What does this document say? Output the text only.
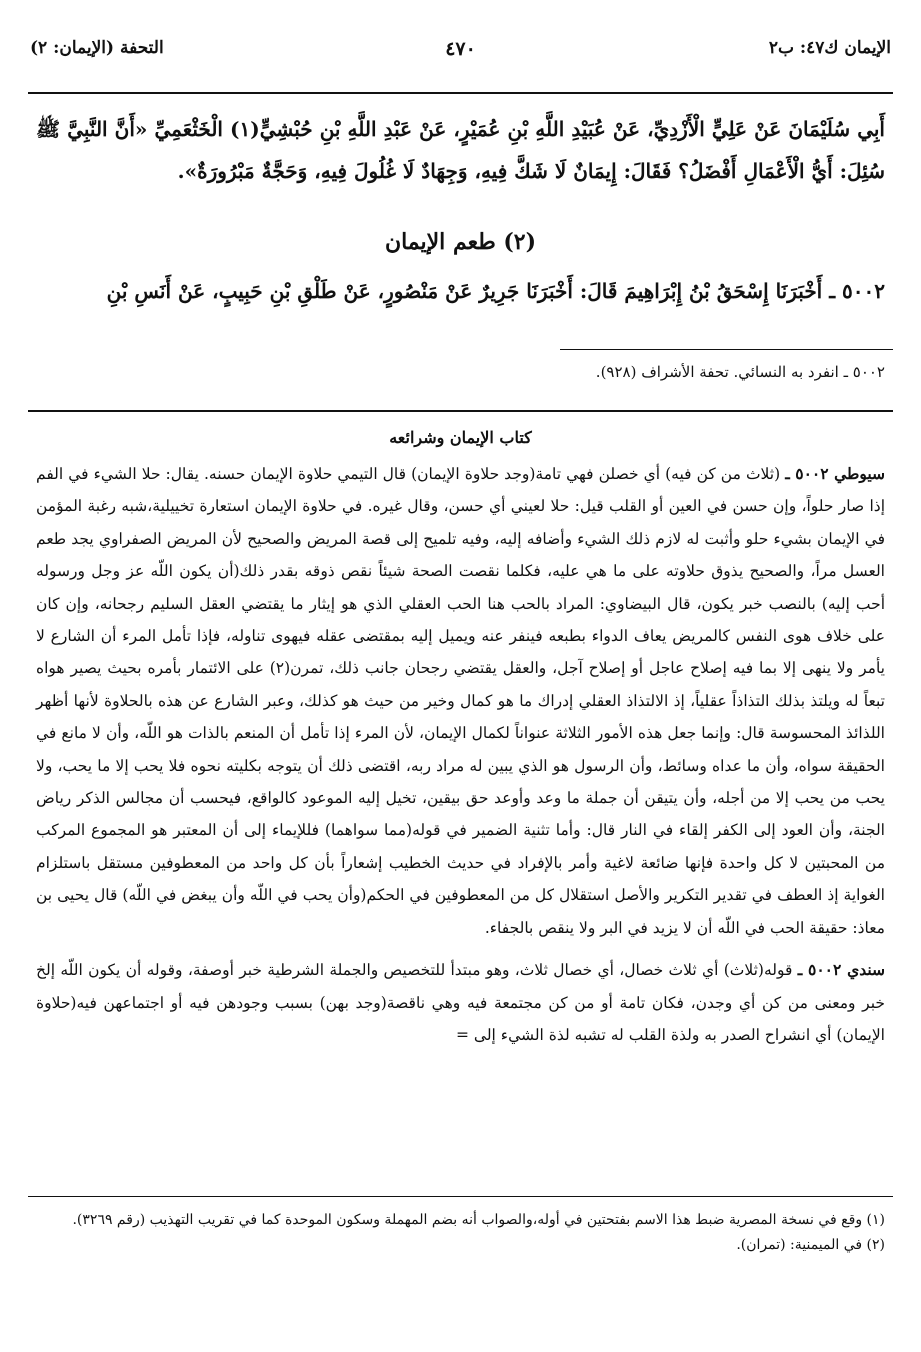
الإيمان ك٤٧: ب٢
٤٧٠
التحفة (الإيمان: ٢)

أَبِي سُلَيْمَانَ عَنْ عَلِيٍّ الْأَزْدِيِّ، عَنْ عُبَيْدِ اللَّهِ بْنِ عُمَيْرٍ، عَنْ عَبْدِ اللَّهِ بْنِ حُبْشِيٍّ(١) الْخَثْعَمِيِّ «أَنَّ النَّبِيَّ ﷺ سُئِلَ: أَيُّ الْأَعْمَالِ أَفْضَلُ؟ فَقَالَ: إِيمَانٌ لَا شَكَّ فِيهِ، وَجِهَادٌ لَا غُلُولَ فِيهِ، وَحَجَّةٌ مَبْرُورَةٌ».

(٢) طعم الإيمان

٥٠٠٢ ـ أَخْبَرَنَا إِسْحَقُ بْنُ إِبْرَاهِيمَ قَالَ: أَخْبَرَنَا جَرِيرٌ عَنْ مَنْصُورٍ، عَنْ طَلْقِ بْنِ حَبِيبٍ، عَنْ أَنَسِ بْنِ

٥٠٠٢ ـ انفرد به النسائي. تحفة الأشراف (٩٢٨).
كتاب الإيمان وشرائعه

سيوطي ٥٠٠٢ ـ (ثلاث من كن فيه) أي خصلن فهي تامة(وجد حلاوة الإيمان) قال التيمي حلاوة الإيمان حسنه. يقال: حلا الشيء في الفم إذا صار حلواً، وإن حسن في العين أو القلب قيل: حلا لعيني أي حسن، وقال غيره. في حلاوة الإيمان استعارة تخييلية،شبه رغبة المؤمن في الإيمان بشيء حلو وأثبت له لازم ذلك الشيء وأضافه إليه، وفيه تلميح إلى قصة المريض والصحيح لأن المريض الصفراوي يجد طعم العسل مراً، والصحيح يذوق حلاوته على ما هي عليه، فكلما نقصت الصحة شيئاً نقص ذوقه بقدر ذلك(أن يكون اللّه عز وجل ورسوله أحب إليه) بالنصب خبر يكون، قال البيضاوي: المراد بالحب هنا الحب العقلي الذي هو إيثار ما يقتضي العقل السليم رجحانه، وإن كان على خلاف هوى النفس كالمريض يعاف الدواء بطبعه فينفر عنه ويميل إليه بمقتضى عقله فيهوى تناوله، فإذا تأمل المرء أن الشارع لا يأمر ولا ينهى إلا بما فيه إصلاح عاجل أو إصلاح آجل، والعقل يقتضي رجحان جانب ذلك، تمرن(٢) على الائتمار بأمره بحيث يصير هواه تبعاً له ويلتذ بذلك التذاذاً عقلياً، إذ الالتذاذ العقلي إدراك ما هو كمال وخير من حيث هو كذلك، وعبر الشارع عن هذه بالحلاوة لأنها أظهر اللذائذ المحسوسة قال: وإنما جعل هذه الأمور الثلاثة عنواناً لكمال الإيمان، لأن المرء إذا تأمل أن المنعم بالذات هو اللّه، وأن لا مانع في الحقيقة سواه، وأن ما عداه وسائط، وأن الرسول هو الذي يبين له مراد ربه، اقتضى ذلك أن يتوجه بكليته نحوه فلا يحب إلا ما يحب، ولا يحب من يحب إلا من أجله، وأن يتيقن أن جملة ما وعد وأوعد حق بيقين، تخيل إليه الموعود كالواقع، فيحسب أن مجالس الذكر رياض الجنة، وأن العود إلى الكفر إلقاء في النار قال: وأما تثنية الضمير في قوله(مما سواهما) فللإيماء إلى أن المعتبر هو المجموع المركب من المحبتين لا كل واحدة فإنها ضائعة لاغية وأمر بالإفراد في حديث الخطيب إشعاراً بأن كل واحد من المعطوفين مستقل باستلزام الغواية إذ العطف في تقدير التكرير والأصل استقلال كل من المعطوفين في الحكم(وأن يحب في اللّه وأن يبغض في اللّه) قال يحيى بن معاذ: حقيقة الحب في اللّه أن لا يزيد في البر ولا ينقص بالجفاء.

سندي ٥٠٠٢ ـ قوله(ثلاث) أي ثلاث خصال، أي خصال ثلاث، وهو مبتدأ للتخصيص والجملة الشرطية خبر أوصفة، وقوله أن يكون اللّه إلخ خبر ومعنى من كن أي وجدن، فكان تامة أو من كن مجتمعة فيه وهي ناقصة(وجد بهن) بسبب وجودهن فيه أو اجتماعهن فيه(حلاوة الإيمان) أي انشراح الصدر به ولذة القلب له تشبه لذة الشيء إلى =

(١) وقع في نسخة المصرية ضبط هذا الاسم بفتحتين في أوله،والصواب أنه بضم المهملة وسكون الموحدة كما في تقريب التهذيب (رقم ٣٢٦٩).

(٢) في الميمنية: (تمران).
